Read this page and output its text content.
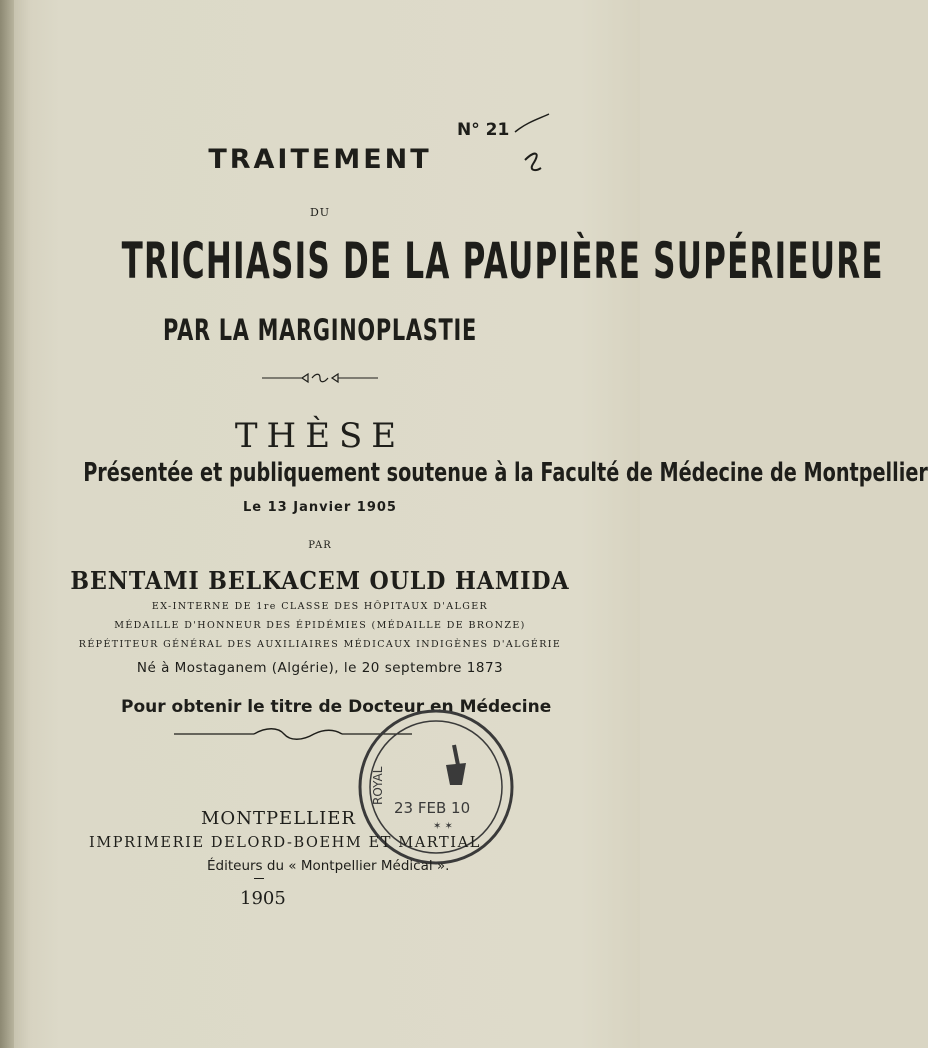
N° 21
TRAITEMENT
DU
TRICHIASIS DE LA PAUPIÈRE SUPÉRIEURE
PAR LA MARGINOPLASTIE
THÈSE
Présentée et publiquement soutenue à la Faculté de Médecine de Montpellier
Le 13 Janvier 1905
PAR
BENTAMI BELKACEM OULD HAMIDA
EX-INTERNE DE 1re CLASSE DES HÔPITAUX D'ALGER
MÉDAILLE D'HONNEUR DES ÉPIDÉMIES (MÉDAILLE DE BRONZE)
RÉPÉTITEUR GÉNÉRAL DES AUXILIAIRES MÉDICAUX INDIGÈNES D'ALGÉRIE
Né à Mostaganem (Algérie), le 20 septembre 1873
Pour obtenir le titre de Docteur en Médecine
ROYAL
23 FEB 10
✶ ✶
MONTPELLIER
IMPRIMERIE DELORD-BOEHM ET MARTIAL
Éditeurs du « Montpellier Médical ».
1905
